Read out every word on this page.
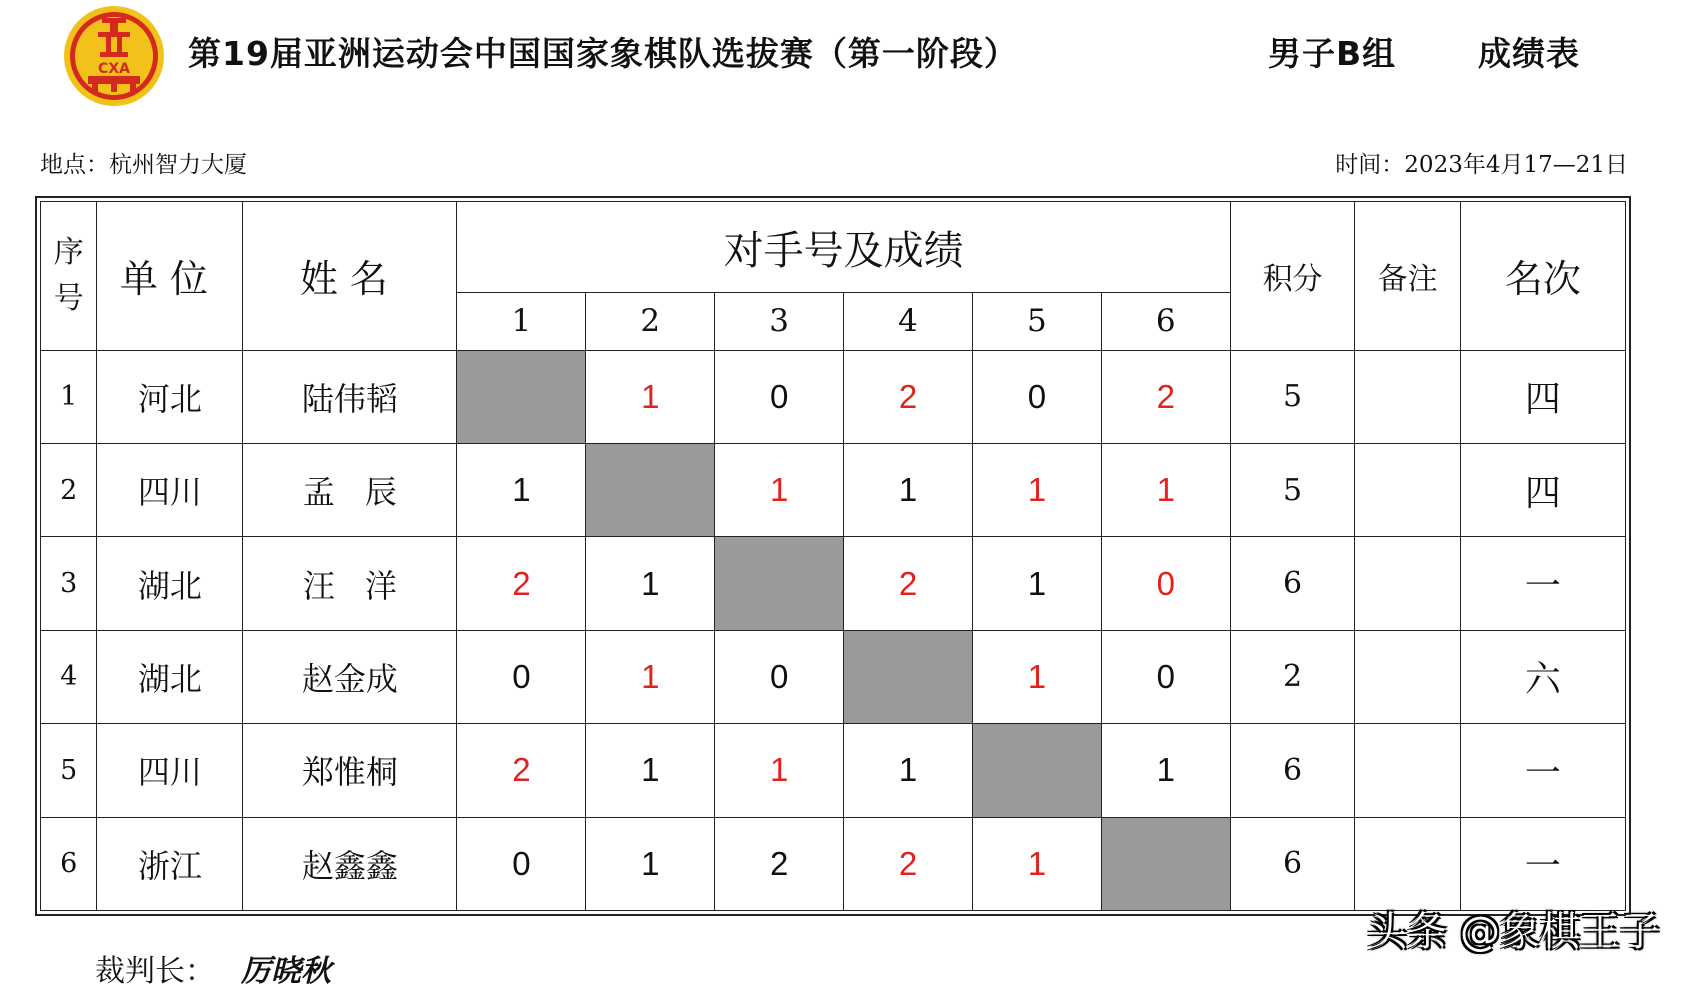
CXA 第19届亚洲运动会中国国家象棋队选拔赛（第一阶段）	男子B组 成绩表
地点：杭州智力大厦	时间：2023年4月17—21日
序
号	单位	姓名	对手号及成绩						积分	备注	名次
			1	2	3	4	5	6			
1	河北	陆伟韬		1	0	2	0	2	5		四
2	四川	孟辰	1		1	1	1	1	5		四
3	湖北	汪洋	2	1		2	1	0	6		一
4	湖北	赵金成	0	1	0		1	0	2		六
5	四川	郑惟桐	2	1	1	1		1	6		一
6	浙江	赵鑫鑫	0	1	2	2	1		6		一
裁判长： 厉晓秋
头条 @象棋王子
